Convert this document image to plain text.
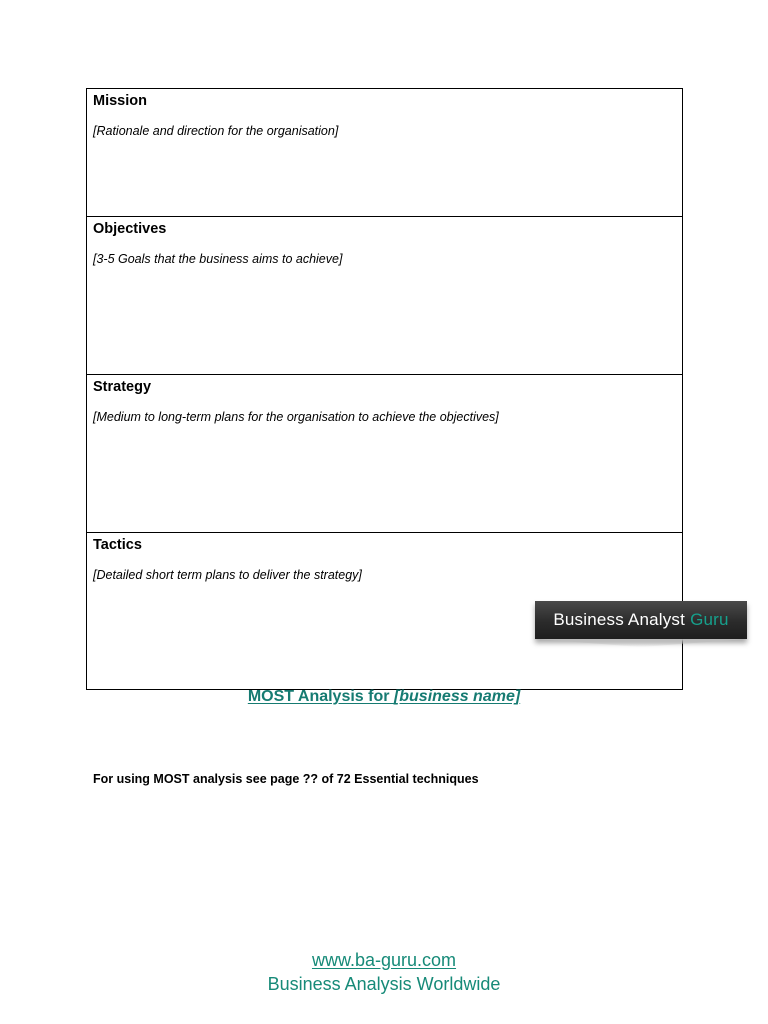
Mission

[Rationale and direction for the organisation]

Objectives

[3-5 Goals that the business aims to achieve]

Strategy

[Medium to long-term plans for the organisation to achieve the objectives]

Tactics

[Detailed short term plans to deliver the strategy]

Business Analyst Guru

MOST Analysis for [business name]

For using MOST analysis see page ?? of 72 Essential techniques

www.ba-guru.com
Business Analysis Worldwide
